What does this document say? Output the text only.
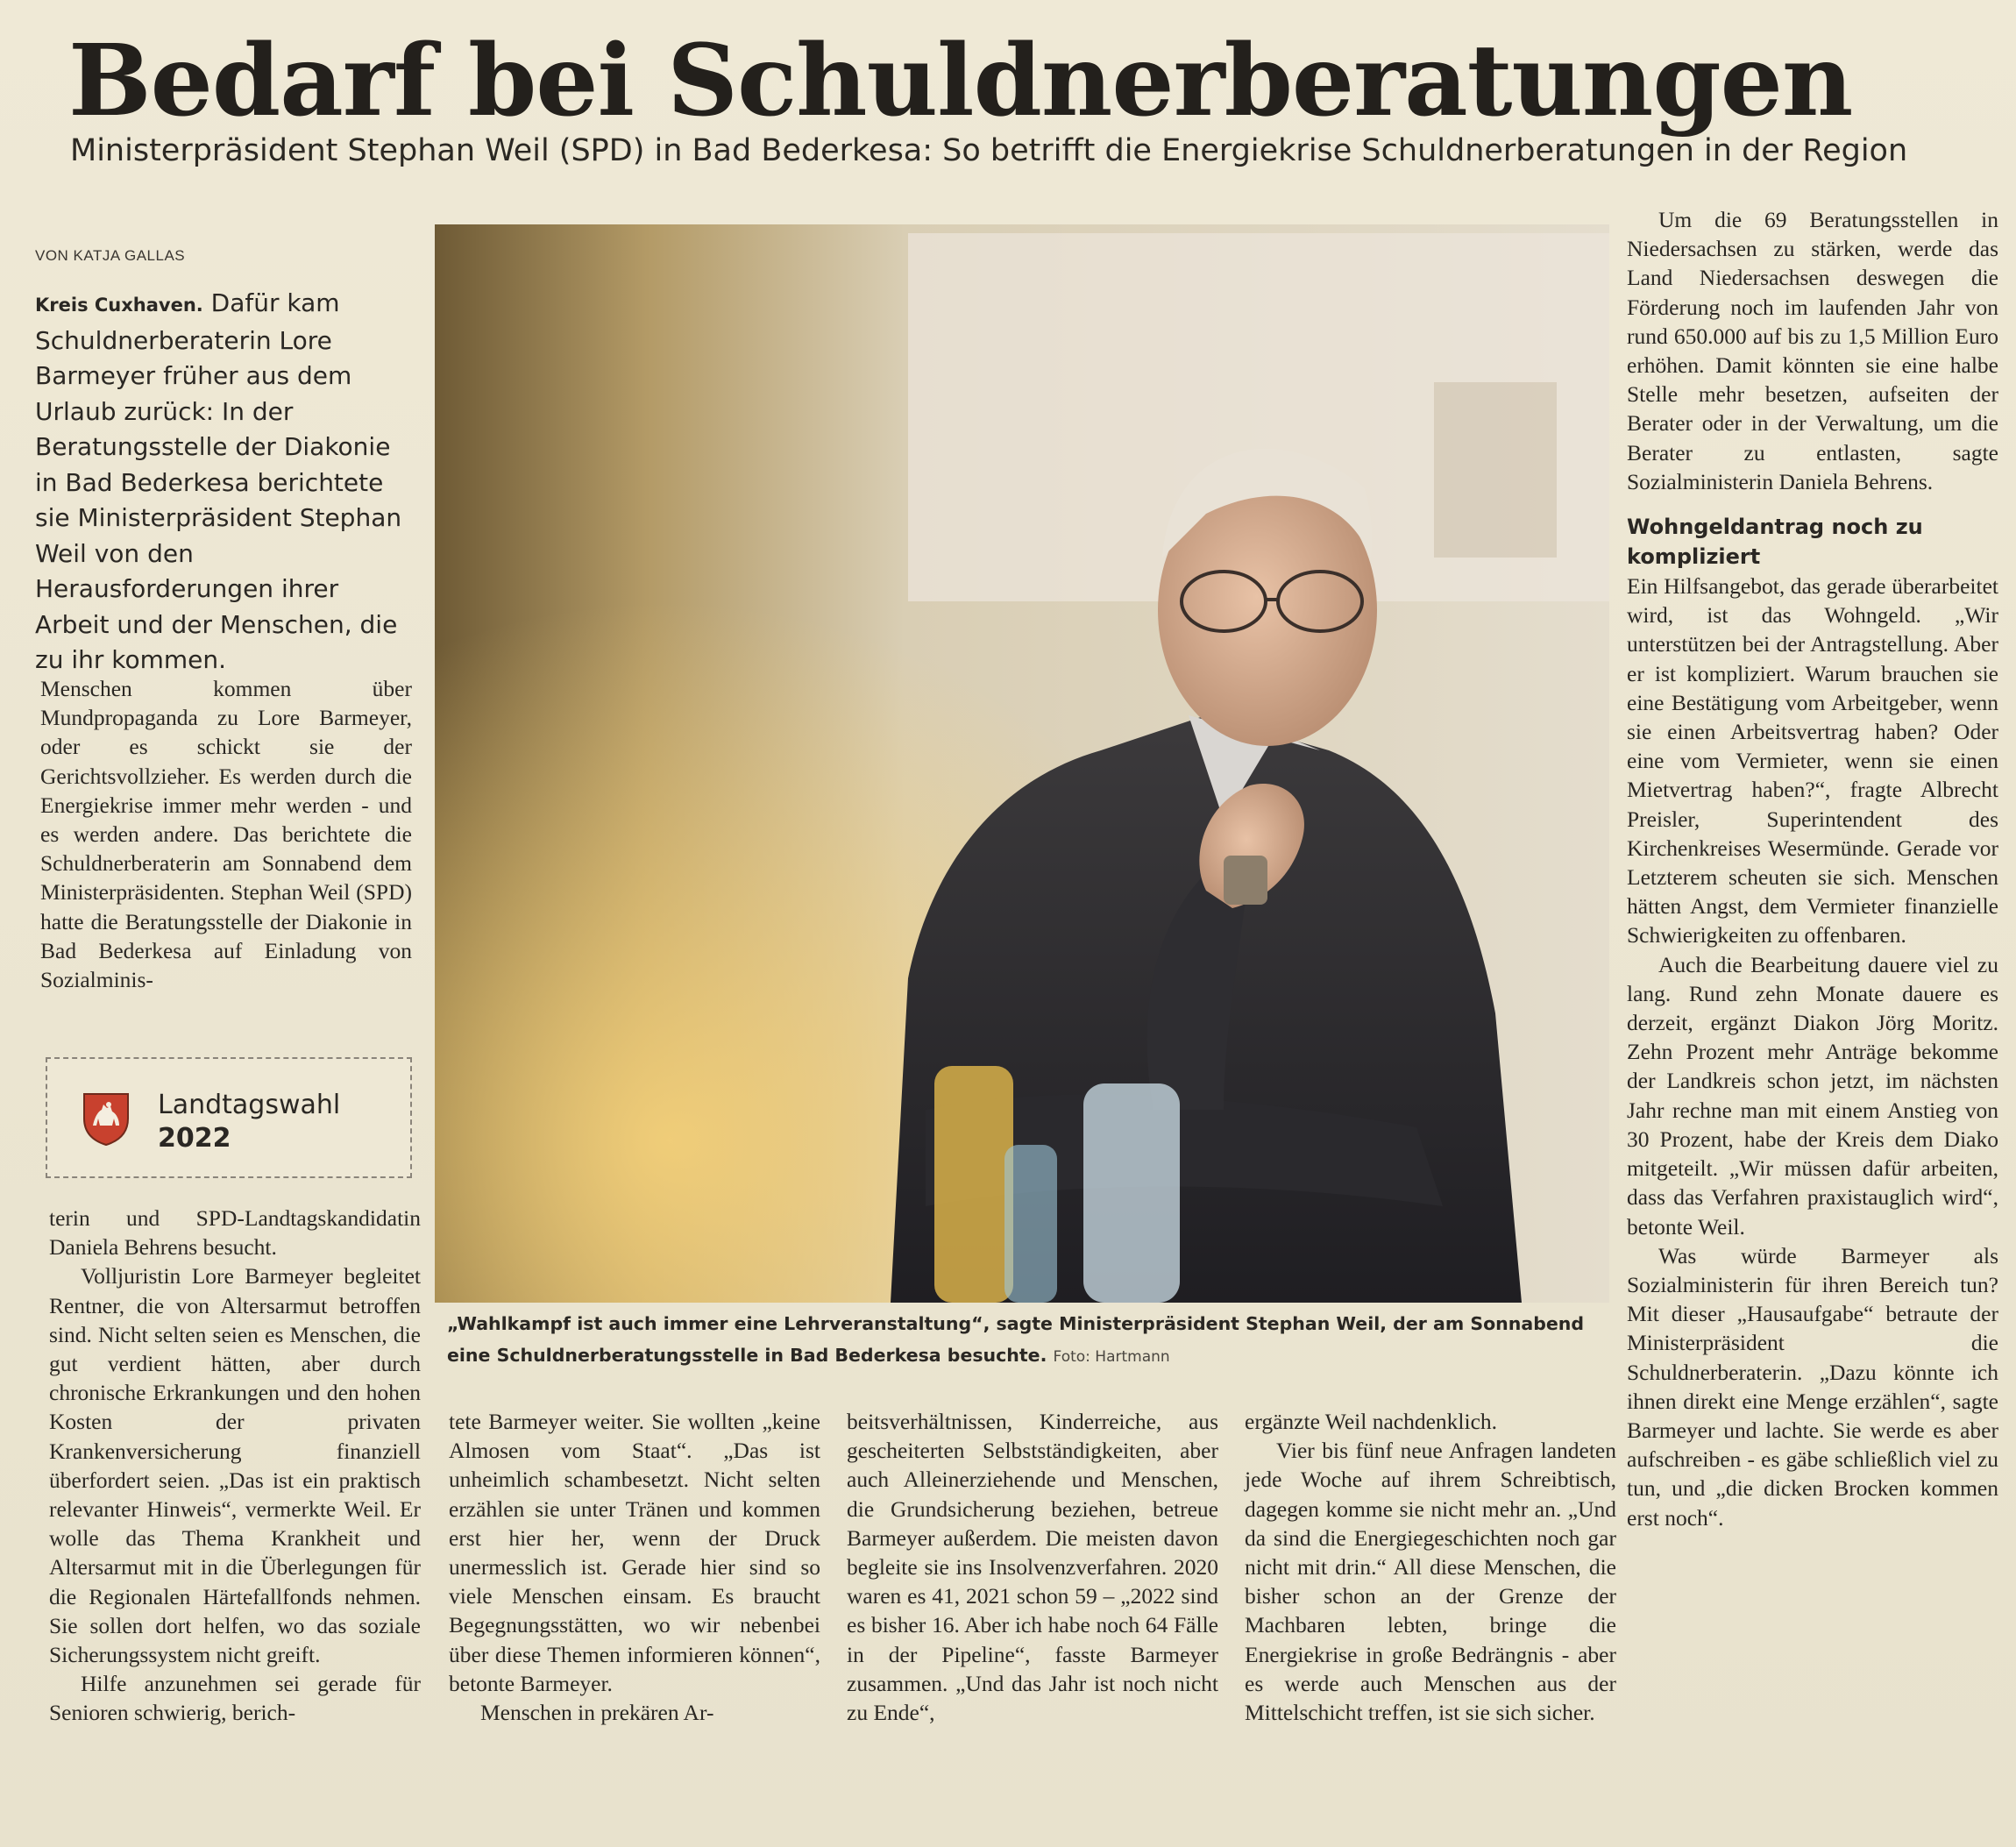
Bedarf bei Schuldnerberatungen
Ministerpräsident Stephan Weil (SPD) in Bad Bederkesa: So betrifft die Energiekrise Schuldnerberatungen in der Region
VON KATJA GALLAS
Kreis Cuxhaven. Dafür kam Schuldnerberaterin Lore Barmeyer früher aus dem Urlaub zurück: In der Beratungsstelle der Diakonie in Bad Bederkesa berichtete sie Ministerpräsident Stephan Weil von den Herausforderungen ihrer Arbeit und der Menschen, die zu ihr kommen.

Menschen kommen über Mundpropaganda zu Lore Barmeyer, oder es schickt sie der Gerichtsvollzieher. Es werden durch die Energiekrise immer mehr werden - und es werden andere. Das berichtete die Schuldnerberaterin am Sonnabend dem Ministerpräsidenten. Stephan Weil (SPD) hatte die Beratungsstelle der Diakonie in Bad Bederkesa auf Einladung von Sozialminis-

Landtagswahl
2022

terin und SPD-Landtagskandidatin Daniela Behrens besucht.

Volljuristin Lore Barmeyer begleitet Rentner, die von Altersarmut betroffen sind. Nicht selten seien es Menschen, die gut verdient hätten, aber durch chronische Erkrankungen und den hohen Kosten der privaten Krankenversicherung finanziell überfordert seien. „Das ist ein praktisch relevanter Hinweis“, vermerkte Weil. Er wolle das Thema Krankheit und Altersarmut mit in die Überlegungen für die Regionalen Härtefallfonds nehmen. Sie sollen dort helfen, wo das soziale Sicherungssystem nicht greift.

Hilfe anzunehmen sei gerade für Senioren schwierig, berich-

„Wahlkampf ist auch immer eine Lehrveranstaltung“, sagte Ministerpräsident Stephan Weil, der am Sonnabend eine Schuldnerberatungsstelle in Bad Bederkesa besuchte. Foto: Hartmann

tete Barmeyer weiter. Sie wollten „keine Almosen vom Staat“. „Das ist unheimlich schambesetzt. Nicht selten erzählen sie unter Tränen und kommen erst hier her, wenn der Druck unermesslich ist. Gerade hier sind so viele Menschen einsam. Es braucht Begegnungsstätten, wo wir nebenbei über diese Themen informieren können“, betonte Barmeyer.

Menschen in prekären Ar-

beitsverhältnissen, Kinderreiche, aus gescheiterten Selbstständigkeiten, aber auch Alleinerziehende und Menschen, die Grundsicherung beziehen, betreue Barmeyer außerdem. Die meisten davon begleite sie ins Insolvenzverfahren. 2020 waren es 41, 2021 schon 59 – „2022 sind es bisher 16. Aber ich habe noch 64 Fälle in der Pipeline“, fasste Barmeyer zusammen. „Und das Jahr ist noch nicht zu Ende“,

ergänzte Weil nachdenklich.

Vier bis fünf neue Anfragen landeten jede Woche auf ihrem Schreibtisch, dagegen komme sie nicht mehr an. „Und da sind die Energiegeschichten noch gar nicht mit drin.“ All diese Menschen, die bisher schon an der Grenze der Machbaren lebten, bringe die Energiekrise in große Bedrängnis - aber es werde auch Menschen aus der Mittelschicht treffen, ist sie sich sicher.

Um die 69 Beratungsstellen in Niedersachsen zu stärken, werde das Land Niedersachsen deswegen die Förderung noch im laufenden Jahr von rund 650.000 auf bis zu 1,5 Million Euro erhöhen. Damit könnten sie eine halbe Stelle mehr besetzen, aufseiten der Berater oder in der Verwaltung, um die Berater zu entlasten, sagte Sozialministerin Daniela Behrens.

Wohngeldantrag noch zu kompliziert

Ein Hilfsangebot, das gerade überarbeitet wird, ist das Wohngeld. „Wir unterstützen bei der Antragstellung. Aber er ist kompliziert. Warum brauchen sie eine Bestätigung vom Arbeitgeber, wenn sie einen Arbeitsvertrag haben? Oder eine vom Vermieter, wenn sie einen Mietvertrag haben?“, fragte Albrecht Preisler, Superintendent des Kirchenkreises Wesermünde. Gerade vor Letzterem scheuten sie sich. Menschen hätten Angst, dem Vermieter finanzielle Schwierigkeiten zu offenbaren.

Auch die Bearbeitung dauere viel zu lang. Rund zehn Monate dauere es derzeit, ergänzt Diakon Jörg Moritz. Zehn Prozent mehr Anträge bekomme der Landkreis schon jetzt, im nächsten Jahr rechne man mit einem Anstieg von 30 Prozent, habe der Kreis dem Diako mitgeteilt. „Wir müssen dafür arbeiten, dass das Verfahren praxistauglich wird“, betonte Weil.

Was würde Barmeyer als Sozialministerin für ihren Bereich tun? Mit dieser „Hausaufgabe“ betraute der Ministerpräsident die Schuldnerberaterin. „Dazu könnte ich ihnen direkt eine Menge erzählen“, sagte Barmeyer und lachte. Sie werde es aber aufschreiben - es gäbe schließlich viel zu tun, und „die dicken Brocken kommen erst noch“.
